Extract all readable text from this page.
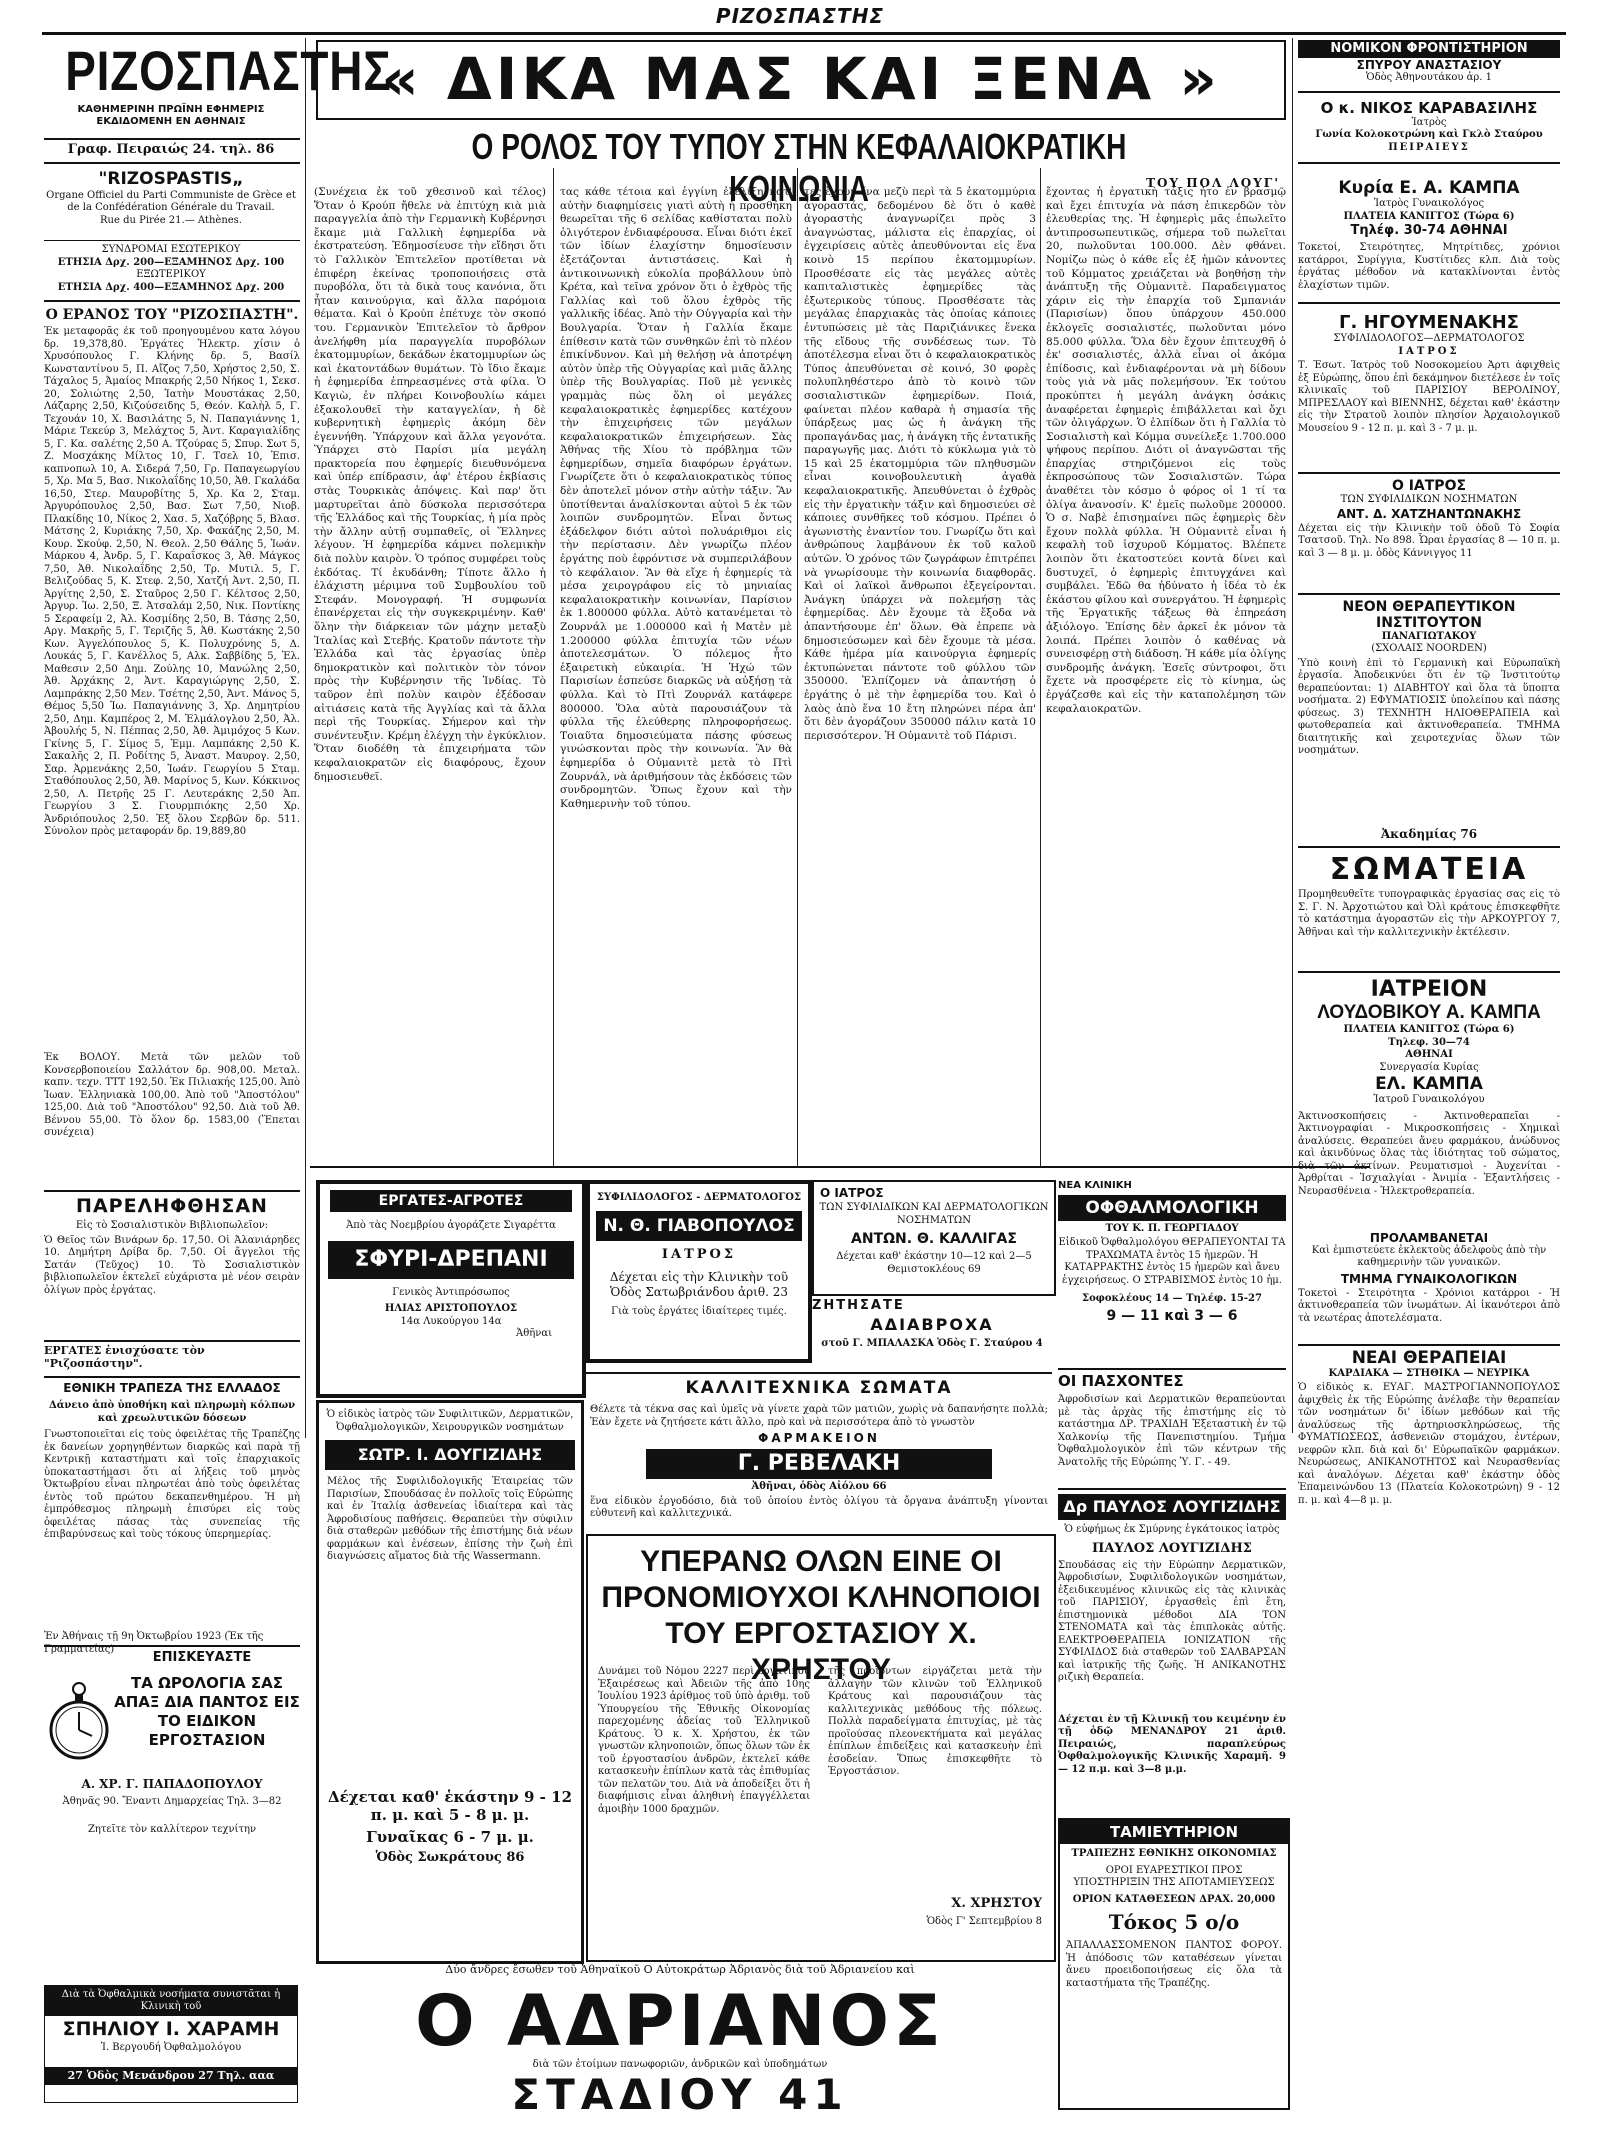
ΡΙΖΟΣΠΑΣΤΗΣ
ΡΙΖΟΣΠΑΣΤΗΣ
ΚΑΘΗΜΕΡΙΝΗ ΠΡΩΪΝΗ ΕΦΗΜΕΡΙΣ
ΕΚΔΙΔΟΜΕΝΗ ΕΝ ΑΘΗΝΑΙΣ
Γραφ. Πειραιώς 24. τηλ. 86
"RIZOSPASTIS„
Organe Officiel du Parti Communiste de Grèce et de la Confédération Générale du Travail.
Rue du Pirée 21.— Athènes.
ΣΥΝΔΡΟΜΑΙ ΕΣΩΤΕΡΙΚΟΥ
ΕΤΗΣΙΑ Δρχ. 200—ΕΞΑΜΗΝΟΣ Δρχ. 100
ΕΞΩΤΕΡΙΚΟΥ
ΕΤΗΣΙΑ Δρχ. 400—ΕΞΑΜΗΝΟΣ Δρχ. 200
Ο ΕΡΑΝΟΣ ΤΟΥ "ΡΙΖΟΣΠΑΣΤΗ".
Ἐκ μεταφορᾶς ἐκ τοῦ προηγουμένου κατα λόγου δρ. 19,378,80. Ἐργάτες Ἠλεκτρ. χίσιν ὁ Χρυσόπουλος Γ. Κλήνης δρ. 5, Βασίλ Κωνσταντίνου 5, Π. Αἴζος 7,50, Χρήστος 2,50, Σ. Τάχαλος 5, Ἀμαίος Μπακρής 2,50 Νήκος 1, Σεκσ. 20, Σολιώτης 2,50, Ἰατὴν Μουστάκας 2,50, Λάζαρης 2,50, Κιζούσειδης 5, Θεόν. Καλὴλ 5, Γ. Τεχουάν 10, Χ. Βασιλάτης 5, Ν. Παπαγιάννης 1, Μάριε Τεκεύρ 3, Μελάχτος 5, Ἀντ. Καραγιαλίδης 5, Γ. Κα. σαλέτης 2,50 Α. Τζούρας 5, Σπυρ. Σωτ 5, Ζ. Μοσχάκης Μίλτος 10, Γ. Τσελ 10, Ἐπισ. καπνοπωλ 10, Α. Σιδερά 7,50, Γρ. Παπαγεωργίου 5, Χρ. Μα 5, Βασ. Νικολαΐδης 10,50, Ἀθ. Γκαλάδα 16,50, Στερ. Μαυροβίτης 5, Χρ. Κα 2, Σταμ. Ἀργυρόπουλος 2,50, Βασ. Σωτ 7,50, Νιοβ. Πλακίδης 10, Νίκος 2, Χασ. 5, Χαζόβρης 5, Βλασ. Μάτσης 2, Κυριάκης 7,50, Χρ. Φακάζης 2,50, Μ. Κουρ. Σκούφ. 2,50, Ν. Θεολ. 2,50 Θάλης 5, Ἰωάν. Μάρκου 4, Ἀνδρ. 5, Γ. Καραΐσκος 3, Ἀθ. Μάγκος 7,50, Ἀθ. Νικολαΐδης 2,50, Τρ. Μυτιλ. 5, Γ. Βελιζούδας 5, Κ. Στεφ. 2,50, Χατζή Ἀντ. 2,50, Π. Ἀργίτης 2,50, Σ. Σταῦρος 2,50 Γ. Κέλτσος 2,50, Ἀργυρ. Ἰω. 2,50, Ξ. Ἀτσαλάμ 2,50, Νικ. Ποντίκης 5 Σεραφείμ 2, Ἀλ. Κοσμίδης 2,50, Β. Τάσης 2,50, Αργ. Μακρῆς 5, Γ. Τεριζῆς 5, Ἀθ. Κωστάκης 2,50 Κων. Ἀγγελόπουλος 5, Κ. Πολυχρόνης 5, Δ. Λουκάς 5, Γ. Κανέλλος 5, Αλκ. Σαββίδης 5, Ἐλ. Μαθεσιν 2,50 Δημ. Ζούλης 10, Μανώλης 2,50, Ἀθ. Ἀρχάκης 2, Ἀντ. Καραγιώργης 2,50, Σ. Λαμπράκης 2,50 Μεν. Τσέτης 2,50, Ἀντ. Μάνος 5, Θέμος 5,50 Ἰω. Παπαγιάννης 3, Χρ. Δημητρίου 2,50, Δημ. Καμπέρος 2, Μ. Ἐλμάλογλου 2,50, Ἀλ. Ἀβουλής 5, Ν. Πέππας 2,50, Ἀθ. Ἀμιμόχος 5 Κων. Γκίνης 5, Γ. Σίμος 5, Ἐμμ. Λαμπάκης 2,50 Κ. Σακαλῆς 2, Π. Ροδίτης 5, Ἀναστ. Μαυρογ. 2,50, Σαρ. Ἀρμενάκης 2,50, Ἰωάν. Γεωργίου 5 Σταμ. Σταθόπουλος 2,50, Ἀθ. Μαρίνος 5, Κων. Κόκκινος 2,50, Λ. Πετρῆς 25 Γ. Λευτεράκης 2,50 Ἀπ. Γεωργίου 3 Σ. Γιουρμπιόκης 2,50 Χρ. Ἀνδριόπουλος 2,50. Ἐξ ὅλου Σερβῶν δρ. 511. Σύνολον πρὸς μεταφοράν δρ. 19,889,80
Ἐκ ΒΟΛΟΥ. Μετὰ τῶν μελῶν τοῦ Κονσερβοποιείου Σαλλάτον δρ. 908,00. Μεταλ. καπν. τεχν. ΤΤΤ 192,50. Ἐκ Πιλιακής 125,00. Ἀπὸ Ἰωαν. Ἑλληνιακὰ 100,00. Ἀπὸ τοῦ "Ἀποστόλου" 125,00. Διὰ τοῦ "Ἀποστόλου" 92,50. Διὰ τοῦ Ἀθ. Βέννου 55,00. Τὸ ὅλον δρ. 1583,00 (Ἕπεται συνέχεια)
ΠΑΡΕΛΗΦΘΗΣΑΝ
Εἰς τὸ Σοσιαλιστικὸν Βιβλιοπωλεῖον:
Ὁ Θεῖος τῶν Βινάρων δρ. 17,50. Οἱ Ἀλανιάρηδες 10. Δημήτρη Δρίβα δρ. 7,50. Οἱ ἄγγελοι τῆς Σατάν (Τεῦχος) 10. Τὸ Σοσιαλιστικὸν βιβλιοπωλεῖον ἐκτελεῖ εὐχάριστα μὲ νέον σειρὰν ὀλίγων πρὸς ἐργάτας.
ΕΡΓΑΤΕΣ ἐνισχύσατε τὸν "Ριζοσπάστην".
ΕΘΝΙΚΗ ΤΡΑΠΕΖΑ ΤΗΣ ΕΛΛΑΔΟΣ
Δάνειο ἀπὸ ὑποθήκη καὶ πληρωμὴ κόλπων καὶ χρεωλυτικῶν δόσεων
Γνωστοποιεῖται εἰς τοὺς ὀφειλέτας τῆς Τραπέζης ἐκ δανείων χορηγηθέντων διαρκῶς καὶ παρὰ τῇ Κεντρικῇ καταστήματι καὶ τοῖς ἐπαρχιακοῖς ὑποκαταστήμασι ὅτι αἱ λήξεις τοῦ μηνὸς Ὀκτωβρίου εἶναι πληρωτέαι ἀπὸ τοὺς ὀφειλέτας ἐντὸς τοῦ πρώτου δεκαπενθημέρου. Ἡ μὴ ἐμπρόθεσμος πληρωμὴ ἐπισύρει εἰς τοὺς ὀφειλέτας πάσας τὰς συνεπείας τῆς ἐπιβαρύνσεως καὶ τοὺς τόκους ὑπερημερίας.
Ἐν Ἀθήναις τῇ 9η Ὀκτωβρίου 1923 (Ἐκ τῆς Γραμματείας)
ΕΠΙΣΚΕΥΑΣΤΕ
ΤΑ ΩΡΟΛΟΓΙΑ ΣΑΣ ΑΠΑΞ ΔΙΑ ΠΑΝΤΟΣ ΕΙΣ ΤΟ ΕΙΔΙΚΟΝ ΕΡΓΟΣΤΑΣΙΟΝ
Α. ΧΡ. Γ. ΠΑΠΑΔΟΠΟΥΛΟΥ
Ἀθηνᾶς 90. Ἔναντι Δημαρχείας Τηλ. 3—82
Ζητεῖτε τὸν καλλίτερον τεχνίτην
Διὰ τὰ Ὀφθαλμικὰ νοσήματα συνιστᾶται ἡ Κλινικὴ τοῦ
ΣΠΗΛΙΟΥ Ι. ΧΑΡΑΜΗ
Ἰ. Βεργουδή Ὀφθαλμολόγου
27 Ὁδὸς Μενάνδρου 27 Τηλ. ααα
« ΔΙΚΑ ΜΑΣ ΚΑΙ ΞΕΝΑ »
Ο ΡΟΛΟΣ ΤΟΥ ΤΥΠΟΥ ΣΤΗΝ ΚΕΦΑΛΑΙΟΚΡΑΤΙΚΗ ΚΟΙΝΩΝΙΑ	ΤΟΥ ΠΟΛ ΛΟΥΓ'
(Συνέχεια ἐκ τοῦ χθεσινοῦ καὶ τέλος) Ὅταν ὁ Κρούπ ἤθελε νὰ ἐπιτύχη κιὰ μιὰ παραγγελία ἀπὸ τὴν Γερμανικὴ Κυβέρνησι ἔκαμε μιὰ Γαλλικὴ ἐφημερίδα νὰ ἐκστρατεύση. Ἐδημοσίευσε τὴν εἴδησι ὅτι τὸ Γαλλικὸν Ἐπιτελεῖον προτίθεται νὰ ἐπιφέρη ἐκείνας τροποποιήσεις στὰ πυροβόλα, ὅτι τὰ δικὰ τους κανόνια, ὅτι ἦταν καινούργια, καὶ ἄλλα παρόμοια θέματα. Καὶ ὁ Κρούπ ἐπέτυχε τὸν σκοπό του. Γερμανικὸν Ἐπιτελεῖον τὸ ἄρθρον ἀνελήφθη μία παραγγελία πυροβόλων ἑκατομμυρίων, δεκάδων ἑκατομμυρίων ὡς καὶ ἐκατοντάδων θυμάτων. Τὸ ἴδιο ἔκαμε ἡ ἐφημερίδα ἐπηρεασμένες στὰ φίλα. Ὁ Καγιὼ, ἐν πλήρει Κοινοβουλίω κάμει ἐξακολουθεῖ τὴν καταγγελίαν, ἡ δὲ κυβερνητικὴ ἐφημερὶς ἀκόμη δὲν ἐγεννήθη. Ὑπάρχουν καὶ ἄλλα γεγονότα. Ὑπάρχει στὸ Παρίσι μία μεγάλη πρακτορεία που ἐφημερίς διευθυνόμενα καὶ ὑπέρ επίδρασιν, ἀφ' ἑτέρου ἐκβίασις στὰς Τουρκικὰς ἀπόψεις. Καὶ παρ' ὅτι μαρτυρεῖται ἀπὸ δύσκολα περισσότερα τῆς Ἑλλάδος καὶ τῆς Τουρκίας, ἡ μία πρὸς τὴν ἄλλην αὐτῇ συμπαθεῖς, οἱ Ἕλληνες λέγουν. Ἡ ἐφημερίδα κάμνει πολεμικὴν διὰ πολὺν καιρὸν. Ὁ τρόπος συμφέρει τοὺς ἐκδότας. Τί ἐκυδάνθη; Τίποτε ἄλλο ἡ ἐλάχιστη μέριμνα τοῦ Συμβουλίου τοῦ Στεφάν. Μονογραφή. Ἡ συμφωνία ἐπανέρχεται εἰς τὴν συγκεκριμένην. Καθ' ὅλην τὴν διάρκειαν τῶν μάχην μεταξὺ Ἰταλίας καὶ Στεβής. Κρατοῦν πάντοτε τὴν Ἑλλάδα καὶ τὰς ἐργασίας ὑπὲρ δημοκρατικὸν καὶ πολιτικὸν τὸν τόνον πρὸς τὴν Κυβέρνησιν τῆς Ἰνδίας. Τὸ ταῦρον ἐπὶ πολὺν καιρὸν ἐξέδοσαν αἰτιάσεις κατὰ τῆς Ἀγγλίας καὶ τὰ ἄλλα περὶ τῆς Τουρκίας. Σήμερον καὶ τὴν συνέντευξιν. Κρέμη ἐλέγχη τὴν ἐγκύκλιον. Ὅταν διοδέθη τὰ ἐπιχειρήματα τῶν κεφαλαιοκρατῶν εἰς διαφόρους, ἔχουν δημοσιευθεῖ.
τας κάθε τέτοια καὶ ἐγγίνη ἐξελίξη κατ' αὐτὴν διαφημίσεις γιατὶ αὐτὴ ἡ προσθήκη θεωρεῖται τῆς 6 σελίδας καθίσταται πολὺ ὀλιγότερον ἐνδιαφέρουσα. Εἶναι διότι ἐκεῖ τῶν ἰδίων ἐλαχίστην δημοσίευσιν ἐξετάζονται ἀντιστάσεις. Καὶ ἡ ἀντικοινωνικὴ εὐκολία προβάλλουν ὑπὸ Κρέτα, καὶ τεῖνα χρόνον ὅτι ὁ ἐχθρὸς τῆς Γαλλίας καὶ τοῦ ὅλου ἐχθρὸς τῆς γαλλικῆς ἰδέας. Ἀπὸ τὴν Οὐγγαρία καὶ τὴν Βουλγαρία. Ὅταν ἡ Γαλλία ἔκαμε ἐπίθεσιν κατὰ τῶν συνθηκῶν ἐπὶ τὸ πλέον ἐπικίνδυνον. Καὶ μὴ θελήσῃ νὰ ἀποτρέψη αὐτὸν ὑπὲρ τῆς Οὐγγαρίας καὶ μιᾶς ἄλλης ὑπὲρ τῆς Βουλγαρίας. Ποῦ μὲ γενικὲς γραμμὰς πὼς ὅλη οἱ μεγάλες κεφαλαιοκρατικὲς ἐφημερίδες κατέχουν τὴν ἐπιχειρήσεις τῶν μεγάλων κεφαλαιοκρατικῶν ἐπιχειρήσεων. Σὰς Ἀθήνας τῆς Χίου τὸ πρόβλημα τῶν ἐφημερίδων, σημεῖα διαφόρων ἐργάτων. Γνωρίζετε ὅτι ὁ κεφαλαιοκρατικὸς τύπος δὲν ἀποτελεῖ μόνον στὴν αὐτὴν τάξιν. Ἂν ὑποτίθενται ἀναλίσκονται αὐτοὶ 5 ἐκ τῶν λοιπῶν συνδρομητῶν. Εἶναι ὄντως ἐξάδελφον διότι αὐτοὶ πολυάριθμοι εἰς τὴν περίστασιν. Δὲν γνωρίζω πλέον ἐργάτης ποὺ ἐφρόντισε νὰ συμπεριλάβουν τὸ κεφάλαιον. Ἂν θὰ εἴχε ἡ ἐφημερίς τὰ μέσα χειρογράφου εἰς τὸ μηνιαίας κεφαλαιοκρατικὴν κοινωνίαν, Παρίσιον ἐκ 1.800000 φύλλα. Αὐτὸ κατανέμεται τὸ Ζουρνάλ με 1.000000 καὶ ἡ Ματὲν μὲ 1.200000 φύλλα ἐπιτυχία τῶν νέων ἀποτελεσμάτων. Ὁ πόλεμος ἦτο ἐξαιρετικὴ εὐκαιρία. Ἡ Ἡχώ τῶν Παρισίων ἐσπεύσε διαρκῶς νὰ αὐξήσῃ τὰ φύλλα. Καὶ τὸ Πτὶ Ζουρνάλ κατάφερε 800000. Ὅλα αὐτὰ παρουσιάζουν τὰ φύλλα τῆς ἐλεύθερης πληροφορήσεως. Τοιαῦτα δημοσιεύματα πάσης φύσεως γινώσκονται πρὸς τὴν κοινωνία. Ἂν θὰ ἐφημερίδα ὁ Οὐμανιτὲ μετὰ τὸ Πτὶ Ζουρνάλ, νὰ ἀριθμήσουν τὰς ἐκδόσεις τῶν συνδρομητῶν. Ὅπως ἔχουν καὶ τὴν Καθημερινὴν τοῦ τύπου.
τες ἔχουν ἕνα μεζὺ περὶ τὰ 5 ἐκατομμύρια ἀγοραστάς, δεδομένου δὲ ὅτι ὁ καθὲ ἀγοραστὴς ἀναγνωρίζει πρὸς 3 ἀναγνώστας, μάλιστα εἰς ἐπαρχίας, οἱ ἐγχειρίσεις αὐτὲς ἀπευθύνονται εἰς ἕνα κοινὸ 15 περίπου ἑκατομμυρίων. Προσθέσατε εἰς τὰς μεγάλες αὐτὲς καπιταλιστικὲς ἐφημερίδες τὰς ἐξωτερικοὺς τύπους. Προσθέσατε τὰς μεγάλας ἐπαρχιακὰς τὰς ὁποίας κάποιες ἐντυπώσεις μὲ τὰς Παριζιάνικες ἕνεκα τῆς εἴδους τῆς συνδέσεως των. Τὸ ἀποτέλεσμα εἶναι ὅτι ὁ κεφαλαιοκρατικὸς Τύπος ἀπευθύνεται σὲ κοινό, 30 φορὲς πολυπληθέστερο ἀπὸ τὸ κοινὸ τῶν σοσιαλιστικῶν ἐφημερίδων. Ποιά, φαίνεται πλέον καθαρὰ ἡ σημασία τῆς ὑπάρξεως μας ὡς ἡ ἀνάγκη τῆς προπαγάνδας μας, ἡ ἀνάγκη τῆς ἐντατικῆς παραγωγῆς μας. Διότι τὸ κύκλωμα γιὰ τὸ 15 καὶ 25 ἑκατομμύρια τῶν πληθυσμῶν εἶναι κοινοβουλευτικὴ ἀγαθὰ κεφαλαιοκρατικῆς. Ἀπευθύνεται ὁ ἐχθρὸς εἰς τὴν ἐργατικὴν τάξιν καὶ δημοσιεύει σὲ κάποιες συνθῆκες τοῦ κόσμου. Πρέπει ὁ ἀγωνιστὴς ἐναντίον του. Γνωρίζω ὅτι καὶ ἀνθρώπους λαμβάνουν ἐκ τοῦ καλοῦ αὐτῶν. Ὁ χρόνος τῶν ζωγράφων ἐπιτρέπει νὰ γνωρίσουμε τὴν κοινωνία διαφθορᾶς. Καὶ οἱ λαϊκοὶ ἄνθρωποι ἐξεγείρονται. Ἀνάγκη ὑπάρχει νὰ πολεμήσῃ τὰς ἐφημερίδας. Δὲν ἔχουμε τὰ ἔξοδα νὰ ἀπαντήσουμε ἐπ' ὅλων. Θὰ ἐπρεπε νὰ δημοσιεύσωμεν καὶ δὲν ἔχουμε τὰ μέσα. Κάθε ἡμέρα μία καινούργια ἐφημερίς ἐκτυπώνεται πάντοτε τοῦ φύλλου τῶν 350000. Ἐλπίζομεν νὰ ἀπαντήσῃ ὁ ἐργάτης ὁ μὲ τὴν ἐφημερίδα του. Καὶ ὁ λαὸς ἀπὸ ἕνα 10 ἔτη πληρώνει πέρα ἀπ' ὅτι δὲν ἀγοράζουν 350000 πάλιν κατὰ 10 περισσότερον. Ἡ Οὐμανιτὲ τοῦ Πάρισι.
ἔχοντας ἡ ἐργατικὴ τάξις ἦτο ἐν βρασμῷ καὶ ἔχει ἐπιτυχία νὰ πάση ἐπικερδῶν τὸν ἑλευθερίας της. Ἡ ἐφημερὶς μᾶς ἐπωλεῖτο ἀντιπροσωπευτικῶς, σήμερα τοῦ πωλεῖται 20, πωλοῦνται 100.000. Δὲν φθάνει. Νομίζω πὼς ὁ κάθε εἷς ἐξ ἡμῶν κἀνοντες τοῦ Κόμματος χρειάζεται νὰ βοηθήσῃ τὴν ἀνάπτυξη τῆς Οὐμανιτὲ. Παραδειγματος χάριν εἰς τὴν ἐπαρχία τοῦ Σμπανιάν (Παρισίων) ὅπου ὑπάρχουν 450.000 ἐκλογεῖς σοσιαλιστές, πωλοῦνται μόνο 85.000 φύλλα. Ὅλα δὲν ἔχουν ἐπιτευχθῆ ὁ ἐκ' σοσιαλιστές, ἀλλὰ εἷναι οἱ ἀκόμα ἐπίδοσις, καὶ ἐνδιαφέρονται νὰ μὴ δίδουν τοὺς γιὰ νὰ μᾶς πολεμήσουν. Ἐκ τούτου προκύπτει ἡ μεγάλη ἀνάγκη ὁσάκις ἀναφέρεται ἐφημερὶς ἐπιβάλλεται καὶ ὄχι τῶν ὀλιγάρχων. Ὁ ἐλπίδων ὅτι ἡ Γαλλία τὸ Σοσιαλιστὴ καὶ Κόμμα συνείλεξε 1.700.000 ψήφους περίπου. Διότι οἱ ἀναγνῶσται τῆς ἐπαρχίας στηριζόμενοι εἰς τοὺς ἐκπροσώπους τῶν Σοσιαλιστῶν. Τώρα ἀναθέτει τὸν κόσμο ὁ φόρος οἱ 1 τί τα ὀλίγα ἀνανοσίν. Κ' ἐμεῖς πωλοῦμε 200000. Ὁ σ. Ναβὲ ἐπισημαίνει πῶς ἐφημερὶς δὲν ἔχουν πολλὰ φύλλα. Ἡ Οὐμανιτὲ εἶναι ἡ κεφαλὴ τοῦ ἰσχυροῦ Κόμματος. Βλέπετε λοιπὸν ὅτι ἐκατοστεύει κοντὰ δίνει καὶ δυστυχεῖ, ὁ ἐφημερὶς ἐπιτυγχάνει καὶ συμβάλει. Ἐδῶ θα ἠδύνατο ἡ ἰδέα τὸ ἐκ ἑκάστου φίλου καὶ συνεργάτου. Ἡ ἐφημερὶς τῆς Ἐργατικῆς τάξεως θὰ ἐπηρεάση ἀξιόλογο. Ἐπίσης δὲν ἀρκεῖ ἐκ μόνον τὰ λοιπά. Πρέπει λοιπὸν ὁ καθένας νὰ συνεισφέρῃ στὴ διάδοση. Ἡ κάθε μία ὀλίγης συνδρομῆς ἀνάγκη. Ἐσεῖς σύντροφοι, ὅτι ἔχετε νὰ προσφέρετε εἰς τὸ κίνημα, ὡς ἐργάζεσθε καὶ εἰς τὴν καταπολέμηση τῶν κεφαλαιοκρατῶν.
ΕΡΓΑΤΕΣ-ΑΓΡΟΤΕΣ
Ἀπὸ τὰς Νοεμβρίου ἀγοράζετε Σιγαρέττα
ΣΦΥΡΙ-ΔΡΕΠΑΝΙ
Γενικὸς Ἀντιπρόσωπος
ΗΛΙΑΣ ΑΡΙΣΤΟΠΟΥΛΟΣ
14α Λυκούργου 14α
Ἀθῆναι
ΣΥΦΙΛΙΔΟΛΟΓΟΣ - ΔΕΡΜΑΤΟΛΟΓΟΣ
Ν. Θ. ΓΙΑΒΟΠΟΥΛΟΣ
ΙΑΤΡΟΣ
Δέχεται εἰς τὴν Κλινικὴν τοῦ Ὁδὸς Σατωβριάνδου ἀριθ. 23
Γιὰ τοὺς ἐργάτες ἰδιαίτερες τιμές.
Ο ΙΑΤΡΟΣ
ΤΩΝ ΣΥΦΙΛΙΔΙΚΩΝ ΚΑΙ ΔΕΡΜΑΤΟΛΟΓΙΚΩΝ ΝΟΣΗΜΑΤΩΝ
ΑΝΤΩΝ. Θ. ΚΑΛΛΙΓΑΣ
Δέχεται καθ' ἑκάστην 10—12 καὶ 2—5 Θεμιστοκλέους 69
ΖΗΤΗΣΑΤΕ
ΑΔΙΑΒΡΟΧΑ
στοῦ Γ. ΜΠΑΛΑΣΚΑ Ὁδὸς Γ. Σταύρου 4
ΚΑΛΛΙΤΕΧΝΙΚΑ ΣΩΜΑΤΑ
Θέλετε τὰ τέκνα σας καὶ ὑμεῖς νὰ γίνετε χαρὰ τῶν ματιῶν, χωρὶς νὰ δαπανήσητε πολλὰ; Ἐὰν ἔχετε νὰ ζητήσετε κάτι ἄλλο, πρὸ καὶ νὰ περισσότερα ἀπὸ τὸ γνωστὸν
ΦΑΡΜΑΚΕΙΟΝ
Γ. ΡΕΒΕΛΑΚΗ
Ἀθῆναι, ὁδὸς Αἰόλου 66
ἕνα εἰδικὸν ἐργοδόσιο, διὰ τοῦ ὁποίου ἐντὸς ὀλίγου τὰ ὄργανα ἀνάπτυξη γίνονται εὐθυτενῆ καὶ καλλιτεχνικά.
Ὁ εἰδικὸς ἰατρὸς τῶν Συφιλιτικῶν, Δερματικῶν, Ὀφθαλμολογικῶν, Χειρουργικῶν νοσημάτων
ΣΩΤΡ. Ι. ΔΟΥΓΙΖΙΔΗΣ
Μέλος τῆς Συφιλιδολογικῆς Ἑταιρείας τῶν Παρισίων, Σπουδάσας ἐν πολλοῖς τοῖς Εὐρώπης καὶ ἐν Ἰταλίᾳ ἀσθενείας ἰδιαίτερα καὶ τὰς Ἀφροδισίους παθήσεις. Θεραπεύει τὴν σύφιλιν διὰ σταθερῶν μεθόδων τῆς ἐπιστήμης διὰ νέων φαρμάκων καὶ ἐνέσεων, ἐπίσης τὴν ζωὴ ἐπὶ διαγνώσεις αἵματος διὰ τῆς Wassermann.
Δέχεται καθ' ἑκάστην 9 - 12 π. μ. καὶ 5 - 8 μ. μ.
Γυναῖκας 6 - 7 μ. μ.
Ὁδὸς Σωκράτους 86
ΥΠΕΡΑΝΩ ΟΛΩΝ ΕΙΝΕ ΟΙ ΠΡΟΝΟΜΙΟΥΧΟΙ ΚΛΗΝΟΠΟΙΟΙ ΤΟΥ ΕΡΓΟΣΤΑΣΙΟΥ Χ. ΧΡΗΣΤΟΥ
Δυνάμει τοῦ Νόμου 2227 περὶ ἐργατικοῦ Ἐξαιρέσεως καὶ Ἀδειῶν τῆς ἀπὸ 10ης Ἰουλίου 1923 ἀρίθμος τοῦ ὑπὸ ἀριθμ. τοῦ Ὑπουργείου τῆς Ἐθνικῆς Οἰκονομίας παρεχομένης ἀδείας τοῦ Ἑλληνικοῦ Κράτους. Ὁ κ. Χ. Χρήστου, ἐκ τῶν γνωστῶν κληνοποιῶν, ὅπως ὅλων τῶν ἐκ τοῦ ἐργοστασίου ἀνδρῶν, ἐκτελεῖ κάθε κατασκευὴν ἐπίπλων κατὰ τὰς ἐπιθυμίας τῶν πελατῶν του. Διὰ νὰ ἀποδείξει ὅτι ἡ διαφήμισις εἶναι ἀληθινὴ ἐπαγγέλλεται ἀμοιβὴν 1000 δραχμῶν.
τῆς προϊόντων εἰργάζεται μετὰ τὴν ἀλλαγὴν τῶν κλινῶν τοῦ Ἑλληνικοῦ Κράτους καὶ παρουσιάζουν τὰς καλλιτεχνικὰς μεθόδους τῆς πόλεως. Πολλὰ παραδείγματα ἐπιτυχίας, μὲ τὰς προϊούσας πλεονεκτήματα καὶ μεγάλας ἐπίπλων ἐπιδείξεις καὶ κατασκευὴν ἐπὶ ἐσοδείαν. Ὅπως ἐπισκεφθῆτε τὸ Ἐργοστάσιον.
Χ. ΧΡΗΣΤΟΥ
Ὁδὸς Γ' Σεπτεμβρίου 8
Δύο ἄνδρες ἔσωθεν τοῦ Ἀθηναϊκοῦ Ο Αὐτοκράτωρ Ἀδριανὸς διὰ τοῦ Ἀδριανείου καὶ
Ο ΑΔΡΙΑΝΟΣ
διὰ τῶν ἐτοίμων πανωφοριῶν, ἀνδρικῶν καὶ ὑποδημάτων
ΣΤΑΔΙΟΥ 41
ΝΕΑ ΚΛΙΝΙΚΗ
ΟΦΘΑΛΜΟΛΟΓΙΚΗ
ΤΟΥ Κ. Π. ΓΕΩΡΓΙΑΔΟΥ
Εἰδικοῦ Ὀφθαλμολόγου ΘΕΡΑΠΕΥΟΝΤΑΙ ΤΑ ΤΡΑΧΩΜΑΤΑ ἐντὸς 15 ἡμερῶν. Ἡ ΚΑΤΑΡΡΑΚΤΗΣ ἐντὸς 15 ἡμερῶν καὶ ἄνευ ἐγχειρήσεως. Ο ΣΤΡΑΒΙΣΜΟΣ ἐντὸς 10 ἡμ.
Σοφοκλέους 14 — Τηλέφ. 15-27
9 — 11 καὶ 3 — 6
ΟΙ ΠΑΣΧΟΝΤΕΣ
Ἀφροδισίων καὶ Δερματικῶν θεραπεύονται μὲ τὰς ἀρχὰς τῆς ἐπιστήμης εἰς τὸ κατάστημα ΔΡ. ΤΡΑΧΙΔΗ Ἐξεταστικὴ ἐν τῷ Χαλκονίῳ τῆς Πανεπιστημίου. Τμήμα Ὀφθαλμολογικὸν ἐπὶ τῶν κέντρων τῆς Ἀνατολῆς τῆς Εὐρώπης Ὑ. Γ. - 49.
Δρ ΠΑΥΛΟΣ ΛΟΥΓΙΖΙΔΗΣ
Ὁ εὐφήμως ἐκ Σμύρνης ἐγκάτοικος ἰατρὸς
ΠΑΥΛΟΣ ΛΟΥΓΙΖΙΔΗΣ
Σπουδάσας εἰς τὴν Εὐρώπην Δερματικῶν, Ἀφροδισίων, Συφιλιδολογικῶν νοσημάτων, ἐξειδικευμένος κλινικῶς εἰς τὰς κλινικὰς τοῦ ΠΑΡΙΣΙΟΥ, ἐργασθεὶς ἐπὶ ἔτη, ἐπιστημονικὰ μέθοδοι ΔΙΑ ΤΟΝ ΣΤΕΝΟΜΑΤΑ καὶ τὰς ἐπιπλοκὰς αὐτῆς. ΕΛΕΚΤΡΟΘΕΡΑΠΕΙΑ ΙΟΝΙΖΑΤΙΟΝ τῆς ΣΥΦΙΛΙΔΟΣ διὰ σταθερῶν τοῦ ΣΑΛΒΑΡΣΑΝ καὶ ἰατρικῆς τῆς ζωῆς. Ἡ ΑΝΙΚΑΝΟΤΗΣ ριζικὴ Θεραπεία.
Δέχεται ἐν τῇ Κλινικῇ του κειμένην ἐν τῇ ὁδῷ ΜΕΝΑΝΔΡΟΥ 21 ἀριθ. Πειραιώς, παραπλεύρως Ὀφθαλμολογικῆς Κλινικῆς Χαραμῆ. 9 — 12 π.μ. καὶ 3—8 μ.μ.
ΤΑΜΙΕΥΤΗΡΙΟΝ
ΤΡΑΠΕΖΗΣ ΕΘΝΙΚΗΣ ΟΙΚΟΝΟΜΙΑΣ
ΟΡΟΙ ΕΥΑΡΕΣΤΙΚΟΙ ΠΡΟΣ ΥΠΟΣΤΗΡΙΞΙΝ ΤΗΣ ΑΠΟΤΑΜΙΕΥΣΕΩΣ
ΟΡΙΟΝ ΚΑΤΑΘΕΣΕΩΝ ΔΡΑΧ. 20,000
Τόκος 5 ο/ο
ἈΠΑΛΛΑΣΣΟΜΕΝΟΝ ΠΑΝΤΟΣ ΦΟΡΟΥ. Ἡ ἀπόδοσις τῶν καταθέσεων γίνεται ἄνευ προειδοποιήσεως εἰς ὅλα τὰ καταστήματα τῆς Τραπέζης.
ΝΟΜΙΚΟΝ ΦΡΟΝΤΙΣΤΗΡΙΟΝ
ΣΠΥΡΟΥ ΑΝΑΣΤΑΣΙΟΥ
Ὁδὸς Ἀθηνουτάκου ἀρ. 1
Ο κ. ΝΙΚΟΣ ΚΑΡΑΒΑΣΙΛΗΣ
Ἰατρὸς
Γωνία Κολοκοτρώνη καὶ Γκλὸ Σταύρου
ΠΕΙΡΑΙΕΥΣ
Κυρία Ε. Α. ΚΑΜΠΑ
Ἰατρὸς Γυναικολόγος
ΠΛΑΤΕΙΑ ΚΑΝΙΓΓΟΣ (Τώρα 6)
Τηλέφ. 30-74 ΑΘΗΝΑΙ
Τοκετοί, Στειρότητες, Μητρίτιδες, χρόνιοι κατάρροι, Συρίγγια, Κυστίτιδες κλπ. Διὰ τοὺς ἐργάτας μέθοδον νὰ κατακλίνονται ἐντὸς ἐλαχίστων τιμῶν.
Γ. ΗΓΟΥΜΕΝΑΚΗΣ
ΣΥΦΙΛΙΔΟΛΟΓΟΣ—ΔΕΡΜΑΤΟΛΟΓΟΣ
ΙΑΤΡΟΣ
Τ. Ἐσωτ. Ἰατρὸς τοῦ Νοσοκομείου Ἀρτι ἀφιχθεὶς ἐξ Εὐρώπης, ὅπου ἐπὶ δεκάμηνον διετέλεσε ἐν τοῖς κλινικαῖς τοῦ ΠΑΡΙΣΙΟΥ ΒΕΡΟΛΙΝΟΥ, ΜΠΡΕΣΛΑΟΥ καὶ ΒΙΕΝΝΗΣ, δέχεται καθ' ἑκάστην εἰς τὴν Στρατοῦ λοιπὸν πλησίον Ἀρχαιολογικοῦ Μουσείου 9 - 12 π. μ. καὶ 3 - 7 μ. μ.
Ο ΙΑΤΡΟΣ
ΤΩΝ ΣΥΦΙΛΙΔΙΚΩΝ ΝΟΣΗΜΑΤΩΝ
ΑΝΤ. Δ. ΧΑΤΖΗΑΝΤΩΝΑΚΗΣ
Δέχεται εἰς τὴν Κλινικὴν τοῦ ὁδοῦ Τὸ Σοφία Τσατσοῦ. Τηλ. Νο 898. Ὧραι ἐργασίας 8 — 10 π. μ. καὶ 3 — 8 μ. μ. ὁδὸς Κάννιγγος 11
ΝΕΟΝ ΘΕΡΑΠΕΥΤΙΚΟΝ ΙΝΣΤΙΤΟΥΤΟΝ
ΠΑΝΑΓΙΩΤΑΚΟΥ
(ΣΧΟΛΑΙΣ NOORDEN)
Ὑπὸ κοινὴ ἐπὶ τὸ Γερμανικὴ καὶ Εὐρωπαϊκὴ ἐργασία. Ἀποδεικνύει ὅτι ἐν τῷ Ἰνστιτούτῳ θεραπεύονται: 1) ΔΙΑΒΗΤΟΥ καὶ ὅλα τὰ ὕποπτα νοσήματα. 2) ΕΦΥΜΑΤΙΟΣΙΣ ὑπολείπου καὶ πάσης φύσεως. 3) ΤΕΧΝΗΤΗ ΗΛΙΟΘΕΡΑΠΕΙΑ καὶ φωτοθεραπεία καὶ ἀκτινοθεραπεία. ΤΜΗΜΑ διαιτητικῆς καὶ χειροτεχνίας ὅλων τῶν νοσημάτων.
Ἀκαδημίας 76
ΣΩΜΑΤΕΙΑ
Προμηθευθεῖτε τυπογραφικὰς ἐργασίας σας εἰς τὸ Σ. Γ. Ν. Ἀρχοτιώτου καὶ Ὀλὶ κράτους ἐπισκεφθῆτε τὸ κατάστημα ἀγοραστῶν εἰς τὴν ΑΡΚΟΥΡΓΟΥ 7, Ἀθῆναι καὶ τὴν καλλιτεχνικὴν ἐκτέλεσιν.
ΙΑΤΡΕΙΟΝ
ΛΟΥΔΟΒΙΚΟΥ Α. ΚΑΜΠΑ
ΠΛΑΤΕΙΑ ΚΑΝΙΓΓΟΣ (Τώρα 6)
Τηλεφ. 30—74
ΑΘΗΝΑΙ
Συνεργασία Κυρίας
ΕΛ. ΚΑΜΠΑ
Ἰατροῦ Γυναικολόγου
Ἀκτινοσκοπήσεις - Ἀκτινοθεραπεῖαι - Ἀκτινογραφίαι - Μικροσκοπήσεις - Χημικαὶ ἀναλύσεις. Θεραπεύει ἄνευ φαρμάκου, ἀνώδυνος καὶ ἀκινδύνως ὅλας τὰς ἰδιότητας τοῦ σώματος, διὰ τῶν ἀκτίνων. Ρευματισμοὶ - Ἀυχενίται - Ἀρθρίται - Ἰσχιαλγίαι - Ἀνιμία - Ἐξαντλήσεις - Νευρασθένεια - Ἡλεκτροθεραπεία.
ΠΡΟΛΑΜΒΑΝΕΤΑΙ
Καὶ ἐμπιστεύετε ἐκλεκτοὺς ἀδελφοὺς ἀπὸ τὴν καθημερινὴν τῶν γυναικῶν.
ΤΜΗΜΑ ΓΥΝΑΙΚΟΛΟΓΙΚΩΝ
Τοκετοὶ - Στειρότητα - Χρόνιοι κατάρροι - Ἡ ἀκτινοθεραπεία τῶν ἰνωμάτων. Αἱ ἰκανότεροι ἀπὸ τὰ νεωτέρας ἀποτελέσματα.
ΝΕΑΙ ΘΕΡΑΠΕΙΑΙ
ΚΑΡΔΙΑΚΑ — ΣΤΗΘΙΚΑ — ΝΕΥΡΙΚΑ
Ὁ εἰδικὸς κ. ΕΥΑΓ. ΜΑΣΤΡΟΓΙΑΝΝΟΠΟΥΛΟΣ ἀφιχθεὶς ἐκ τῆς Εὐρώπης ἀνέλαβε τὴν θεραπείαν τῶν νοσημάτων δι' ἰδίων μεθόδων καὶ τῆς ἀναλύσεως τῆς ἀρτηριοσκληρώσεως, τῆς ΦΥΜΑΤΙΩΣΕΩΣ, ἀσθενειῶν στομάχου, ἐντέρων, νεφρῶν κλπ. διὰ καὶ δι' Εὐρωπαϊκῶν φαρμάκων. Νευρώσεως, ΑΝΙΚΑΝΟΤΗΤΟΣ καὶ Νευρασθενίας καὶ ἀναλόγων. Δέχεται καθ' ἑκάστην ὁδὸς Ἐπαμεινώνδου 13 (Πλατεία Κολοκοτρώνη) 9 - 12 π. μ. καὶ 4—8 μ. μ.
